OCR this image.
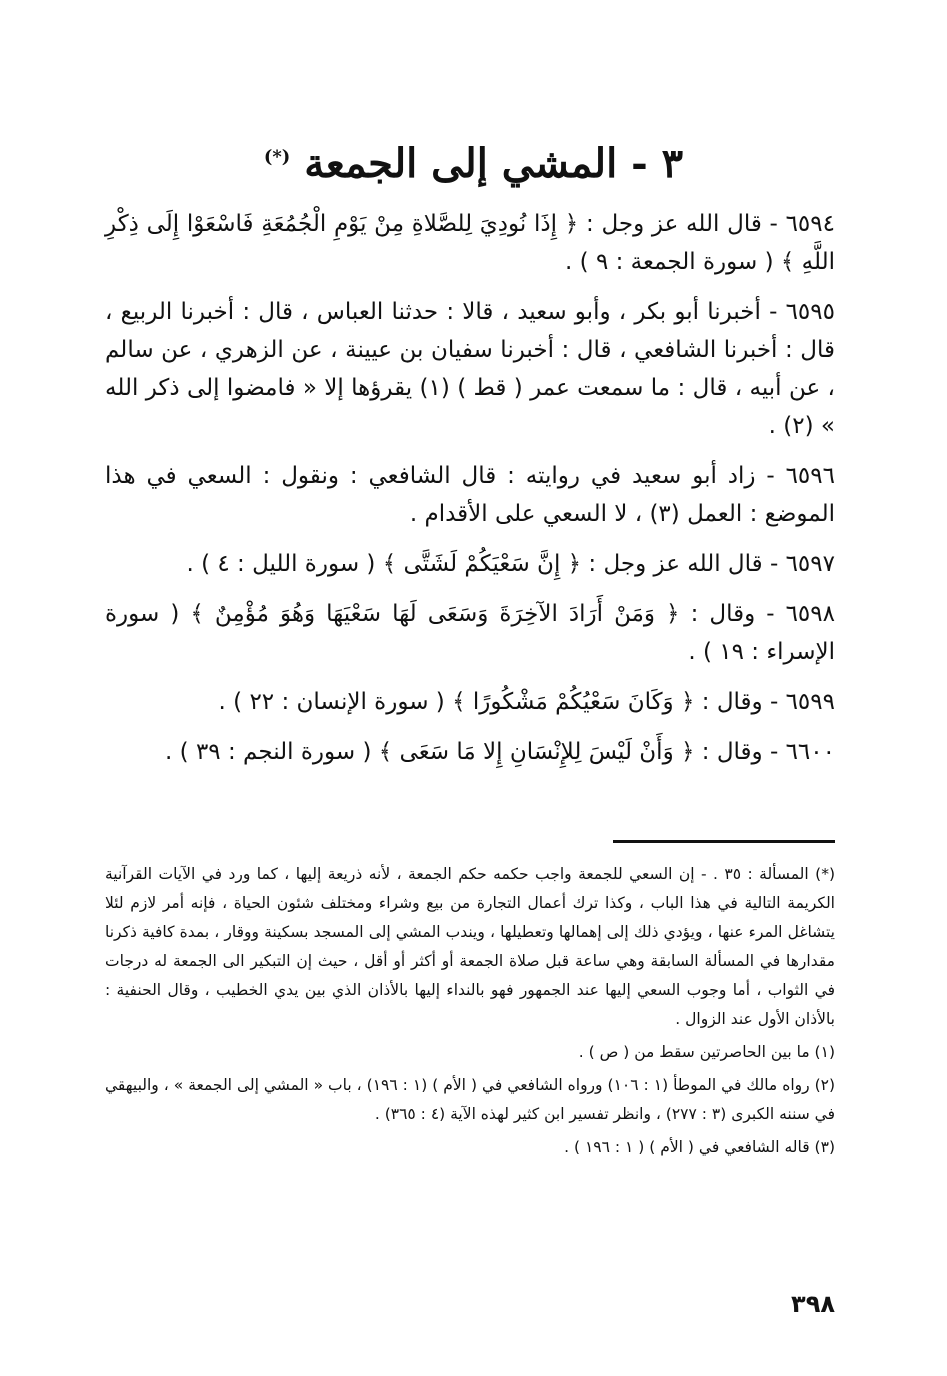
٣ - المشي إلى الجمعة (*)

٦٥٩٤ - قال الله عز وجل : ﴿ إِذَا نُودِيَ لِلصَّلاةِ مِنْ يَوْمِ الْجُمُعَةِ فَاسْعَوْا إِلَى ذِكْرِ اللَّهِ ﴾ ( سورة الجمعة : ٩ ) .

٦٥٩٥ - أخبرنا أبو بكر ، وأبو سعيد ، قالا : حدثنا العباس ، قال : أخبرنا الربيع ، قال : أخبرنا الشافعي ، قال : أخبرنا سفيان بن عيينة ، عن الزهري ، عن سالم ، عن أبيه ، قال : ما سمعت عمر ( قط ) (١) يقرؤها إلا « فامضوا إلى ذكر الله » (٢) .

٦٥٩٦ - زاد أبو سعيد في روايته : قال الشافعي : ونقول : السعي في هذا الموضع : العمل (٣) ، لا السعي على الأقدام .

٦٥٩٧ - قال الله عز وجل : ﴿ إِنَّ سَعْيَكُمْ لَشَتَّى ﴾ ( سورة الليل : ٤ ) .

٦٥٩٨ - وقال : ﴿ وَمَنْ أَرَادَ الآخِرَةَ وَسَعَى لَهَا سَعْيَهَا وَهُوَ مُؤْمِنٌ ﴾ ( سورة الإسراء : ١٩ ) .

٦٥٩٩ - وقال : ﴿ وَكَانَ سَعْيُكُمْ مَشْكُورًا ﴾ ( سورة الإنسان : ٢٢ ) .

٦٦٠٠ - وقال : ﴿ وَأَنْ لَيْسَ لِلإِنْسَانِ إِلا مَا سَعَى ﴾ ( سورة النجم : ٣٩ ) .

(*) المسألة : ٣٥ . - إن السعي للجمعة واجب حكمه حكم الجمعة ، لأنه ذريعة إليها ، كما ورد في الآيات القرآنية الكريمة التالية في هذا الباب ، وكذا ترك أعمال التجارة من بيع وشراء ومختلف شئون الحياة ، فإنه أمر لازم لئلا يتشاغل المرء عنها ، ويؤدي ذلك إلى إهمالها وتعطيلها ، ويندب المشي إلى المسجد بسكينة ووقار ، بمدة كافية ذكرنا مقدارها في المسألة السابقة وهي ساعة قبل صلاة الجمعة أو أكثر أو أقل ، حيث إن التبكير الى الجمعة له درجات في الثواب ، أما وجوب السعي إليها عند الجمهور فهو بالنداء إليها بالأذان الذي بين يدي الخطيب ، وقال الحنفية : بالأذان الأول عند الزوال .

(١) ما بين الحاصرتين سقط من ( ص ) .

(٢) رواه مالك في الموطأ (١ : ١٠٦) ورواه الشافعي في ( الأم ) (١ : ١٩٦) ، باب « المشي إلى الجمعة » ، والبيهقي في سننه الكبرى (٣ : ٢٧٧) ، وانظر تفسير ابن كثير لهذه الآية (٤ : ٣٦٥) .

(٣) قاله الشافعي في ( الأم ) ( ١ : ١٩٦ ) .

٣٩٨
